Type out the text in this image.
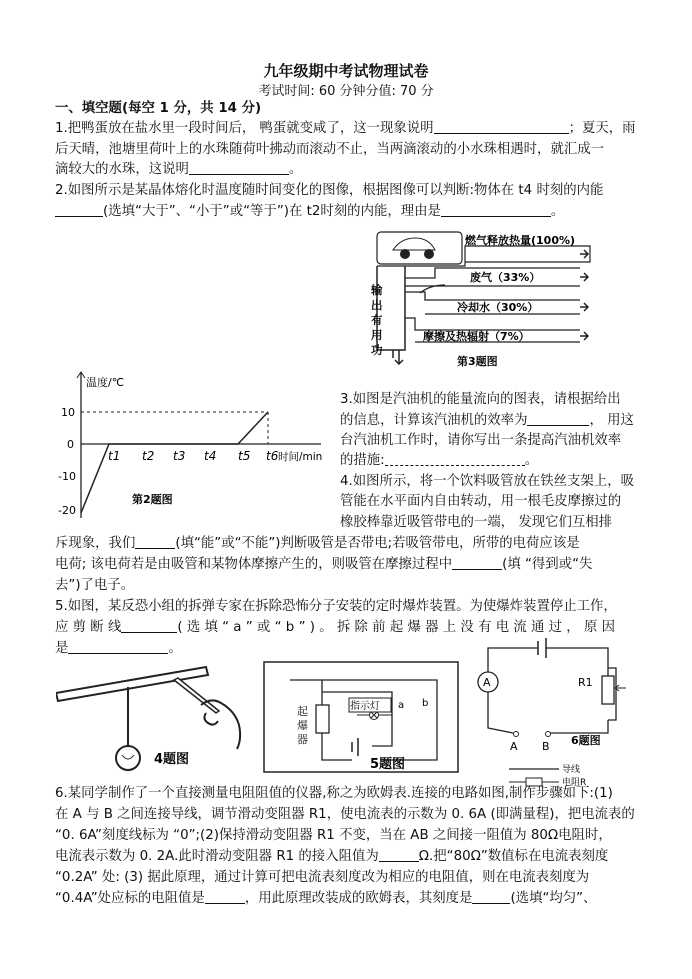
九年级期中考试物理试卷
考试时间: 60 分钟分值: 70 分
一、填空题(每空 1 分，共 14 分)
1.把鸭蛋放在盐水里一段时间后， 鸭蛋就变咸了，这一现象说明	；夏天，雨
后天晴，池塘里荷叶上的水珠随荷叶拂动而滚动不止，当两滴滚动的小水珠相遇时，就汇成一
滴较大的水珠，这说明	。
2.如图所示是某晶体熔化时温度随时间变化的图像，根据图像可以判断:物体在 t4 时刻的内能
(选填“大于”、“小于”或“等于”)在 t2时刻的内能，理由是	。
燃气释放热量(100%)
废气（33%）
冷却水（30%）
摩擦及热辐射（7%）
第3题图
输出有用功
温度/℃
10
0
-10
-20
t1 t2 t3 t4 t5 t6 时间/min
第2题图
3.如图是汽油机的能量流向的图表，请根据给出
的信息，计算该汽油机的效率为	， 用这
台汽油机工作时，请你写出一条提高汽油机效率
的措施:	。
4.如图所示，将一个饮料吸管放在铁丝支架上，吸
管能在水平面内自由转动，用一根毛皮摩擦过的
橡胶棒靠近吸管带电的一端， 发现它们互相排
斥现象，我们	(填“能”或“不能”)判断吸管是否带电;若吸管带电，所带的电荷应该是
电荷; 该电荷若是由吸管和某物体摩擦产生的，则吸管在摩擦过程中	(填 “得到或“失
去”)了电子。
5.如图，某反恐小组的拆弹专家在拆除恐怖分子安装的定时爆炸装置。为使爆炸装置停止工作，
应 剪 断 线	( 选 填 “ a ” 或 “ b ” ) 。 拆 除 前 起 爆 器 上 没 有 电 流 通 过 ， 原 因
是	。
4题图
指示灯 a b
5题图
起爆器
A	R1
A B 6题图
导线
电阻R
6.某同学制作了一个直接测量电阻阻值的仪器,称之为欧姆表.连接的电路如图,制作步骤如下:(1)
在 A 与 B 之间连接导线，调节滑动变阻器 R1，使电流表的示数为 0. 6A (即满量程)，把电流表的
“0. 6A”刻度线标为 “0”;(2)保持滑动变阻器 R1 不变，当在 AB 之间接一阻值为 80Ω电阻时，
电流表示数为 0. 2A.此时滑动变阻器 R1 的接入阻值为	Ω.把“80Ω”数值标在电流表刻度
“0.2A” 处: (3) 据此原理，通过计算可把电流表刻度改为相应的电阻值，则在电流表刻度为
“0.4A”处应标的电阻值是	，用此原理改装成的欧姆表，其刻度是	(选填“均匀”、
